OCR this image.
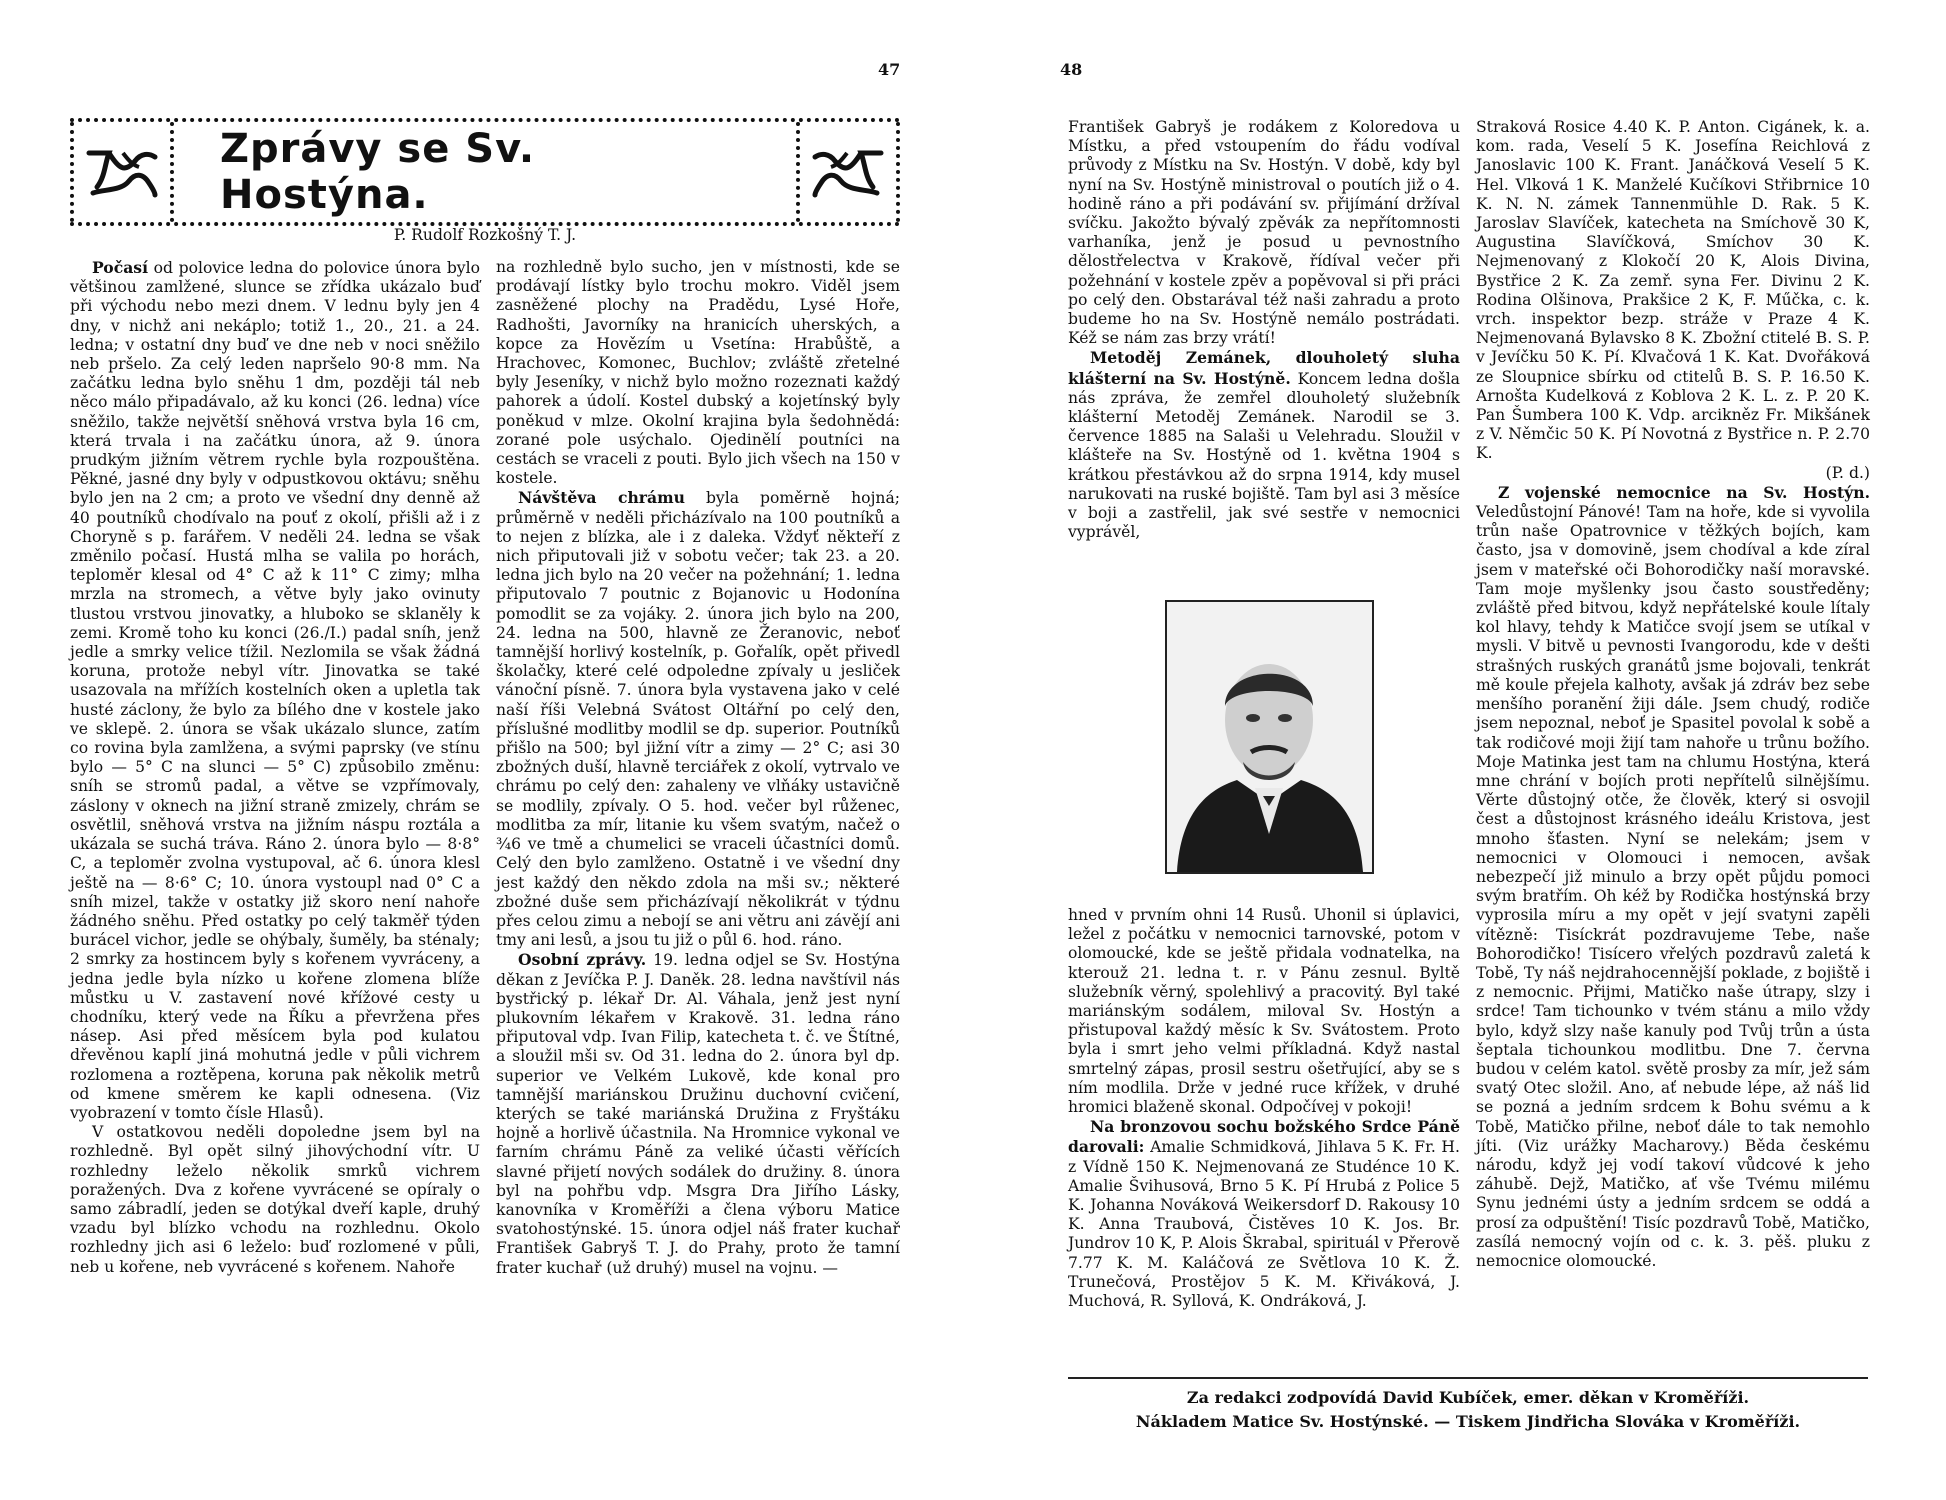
47	48
Zprávy se Sv. Hostýna.
P. Rudolf Rozkošný T. J.

Počasí od polovice ledna do polovice února bylo většinou zamlžené, slunce se zřídka ukázalo buď při východu nebo mezi dnem. V lednu byly jen 4 dny, v nichž ani nekáplo; totiž 1., 20., 21. a 24. ledna; v ostatní dny buď ve dne neb v noci sněžilo neb pršelo. Za celý leden napršelo 90·8 mm. Na začátku ledna bylo sněhu 1 dm, později tál neb něco málo připadávalo, až ku konci (26. ledna) více sněžilo, takže největší sněhová vrstva byla 16 cm, která trvala i na začátku února, až 9. února prudkým jižním větrem rychle byla rozpouštěna. Pěkné, jasné dny byly v odpustkovou oktávu; sněhu bylo jen na 2 cm; a proto ve všední dny denně až 40 poutníků chodívalo na pouť z okolí, přišli až i z Choryně s p. farářem. V neděli 24. ledna se však změnilo počasí. Hustá mlha se valila po horách, teploměr klesal od 4° C až k 11° C zimy; mlha mrzla na stromech, a větve byly jako ovinuty tlustou vrstvou jinovatky, a hluboko se sklaněly k zemi. Kromě toho ku konci (26./I.) padal sníh, jenž jedle a smrky velice tížil. Nezlomila se však žádná koruna, protože nebyl vítr. Jinovatka se také usazovala na mřížích kostelních oken a upletla tak husté záclony, že bylo za bílého dne v kostele jako ve sklepě. 2. února se však ukázalo slunce, zatím co rovina byla zamlžena, a svými paprsky (ve stínu bylo — 5° C na slunci — 5° C) způsobilo změnu: sníh se stromů padal, a větve se vzpřímovaly, záslony v oknech na jižní straně zmizely, chrám se osvětlil, sněhová vrstva na jižním náspu roztála a ukázala se suchá tráva. Ráno 2. února bylo — 8·8° C, a teploměr zvolna vystupoval, ač 6. února klesl ještě na — 8·6° C; 10. února vystoupl nad 0° C a sníh mizel, takže v ostatky již skoro není nahoře žádného sněhu. Před ostatky po celý takměř týden burácel vichor, jedle se ohýbaly, šuměly, ba sténaly; 2 smrky za hostincem byly s kořenem vyvráceny, a jedna jedle byla nízko u kořene zlomena blíže můstku u V. zastavení nové křížové cesty u chodníku, který vede na Říku a převržena přes násep. Asi před měsícem byla pod kulatou dřevěnou kaplí jiná mohutná jedle v půli vichrem rozlomena a roztěpena, koruna pak několik metrů od kmene směrem ke kapli odnesena. (Viz vyobrazení v tomto čísle Hlasů).

V ostatkovou neděli dopoledne jsem byl na rozhledně. Byl opět silný jihovýchodní vítr. U rozhledny leželo několik smrků vichrem poražených. Dva z kořene vyvrácené se opíraly o samo zábradlí, jeden se dotýkal dveří kaple, druhý vzadu byl blízko vchodu na rozhlednu. Okolo rozhledny jich asi 6 leželo: buď rozlomené v půli, neb u kořene, neb vyvrácené s kořenem. Nahoře

na rozhledně bylo sucho, jen v místnosti, kde se prodávají lístky bylo trochu mokro. Viděl jsem zasněžené plochy na Pradědu, Lysé Hoře, Radhošti, Javorníky na hranicích uherských, a kopce za Hovězím u Vsetína: Hrabůště, a Hrachovec, Komonec, Buchlov; zvláště zřetelné byly Jeseníky, v nichž bylo možno rozeznati každý pahorek a údolí. Kostel dubský a kojetínský byly poněkud v mlze. Okolní krajina byla šedohnědá: zorané pole usýchalo. Ojedinělí poutníci na cestách se vraceli z pouti. Bylo jich všech na 150 v kostele.

Návštěva chrámu byla poměrně hojná; průměrně v neděli přicházívalo na 100 poutníků a to nejen z blízka, ale i z daleka. Vždyť někteří z nich připutovali již v sobotu večer; tak 23. a 20. ledna jich bylo na 20 večer na požehnání; 1. ledna připutovalo 7 poutnic z Bojanovic u Hodonína pomodlit se za vojáky. 2. února jich bylo na 200, 24. ledna na 500, hlavně ze Žeranovic, neboť tamnější horlivý kostelník, p. Gořalík, opět přivedl školačky, které celé odpoledne zpívaly u jesliček vánoční písně. 7. února byla vystavena jako v celé naší říši Velebná Svátost Oltářní po celý den, příslušné modlitby modlil se dp. superior. Poutníků přišlo na 500; byl jižní vítr a zimy — 2° C; asi 30 zbožných duší, hlavně terciářek z okolí, vytrvalo ve chrámu po celý den: zahaleny ve vlňáky ustavičně se modlily, zpívaly. O 5. hod. večer byl růženec, modlitba za mír, litanie ku všem svatým, načež o ¾6 ve tmě a chumelici se vraceli účastníci domů. Celý den bylo zamlženo. Ostatně i ve všední dny jest každý den někdo zdola na mši sv.; některé zbožné duše sem přicházívají několikrát v týdnu přes celou zimu a nebojí se ani větru ani závějí ani tmy ani lesů, a jsou tu již o půl 6. hod. ráno.

Osobní zprávy. 19. ledna odjel se Sv. Hostýna děkan z Jevíčka P. J. Daněk. 28. ledna navštívil nás bystřický p. lékař Dr. Al. Váhala, jenž jest nyní plukovním lékařem v Krakově. 31. ledna ráno připutoval vdp. Ivan Filip, katecheta t. č. ve Štítné, a sloužil mši sv. Od 31. ledna do 2. února byl dp. superior ve Velkém Lukově, kde konal pro tamnější mariánskou Družinu duchovní cvičení, kterých se také mariánská Družina z Fryštáku hojně a horlivě účastnila. Na Hromnice vykonal ve farním chrámu Páně za veliké účasti věřících slavné přijetí nových sodálek do družiny. 8. února byl na pohřbu vdp. Msgra Dra Jiřího Lásky, kanovníka v Kroměříži a člena výboru Matice svatohostýnské. 15. února odjel náš frater kuchař František Gabryš T. J. do Prahy, proto že tamní frater kuchař (už druhý) musel na vojnu. —

František Gabryš je rodákem z Koloredova u Místku, a před vstoupením do řádu vodíval průvody z Místku na Sv. Hostýn. V době, kdy byl nyní na Sv. Hostýně ministroval o poutích již o 4. hodině ráno a při podávání sv. přijímání držíval svíčku. Jakožto bývalý zpěvák za nepřítomnosti varhaníka, jenž je posud u pevnostního dělostřelectva v Krakově, řídíval večer při požehnání v kostele zpěv a popěvoval si při práci po celý den. Obstarával též naši zahradu a proto budeme ho na Sv. Hostýně nemálo postrádati. Kéž se nám zas brzy vrátí!

Metoděj Zemánek, dlouholetý sluha klášterní na Sv. Hostýně. Koncem ledna došla nás zpráva, že zemřel dlouholetý služebník klášterní Metoděj Zemánek. Narodil se 3. července 1885 na Salaši u Velehradu. Sloužil v klášteře na Sv. Hostýně od 1. května 1904 s krátkou přestávkou až do srpna 1914, kdy musel narukovati na ruské bojiště. Tam byl asi 3 měsíce v boji a zastřelil, jak své sestře v nemocnici vyprávěl,

hned v prvním ohni 14 Rusů. Uhonil si úplavici, ležel z počátku v nemocnici tarnovské, potom v olomoucké, kde se ještě přidala vodnatelka, na kterouž 21. ledna t. r. v Pánu zesnul. Byltě služebník věrný, spolehlivý a pracovitý. Byl také mariánským sodálem, miloval Sv. Hostýn a přistupoval každý měsíc k Sv. Svátostem. Proto byla i smrt jeho velmi příkladná. Když nastal smrtelný zápas, prosil sestru ošetřující, aby se s ním modlila. Drže v jedné ruce křížek, v druhé hromici blaženě skonal. Odpočívej v pokoji!

Na bronzovou sochu božského Srdce Páně darovali: Amalie Schmidková, Jihlava 5 K. Fr. H. z Vídně 150 K. Nejmenovaná ze Studénce 10 K. Amalie Švihusová, Brno 5 K. Pí Hrubá z Police 5 K. Johanna Nováková Weikersdorf D. Rakousy 10 K. Anna Traubová, Čistěves 10 K. Jos. Br. Jundrov 10 K, P. Alois Škrabal, spirituál v Přerově 7.77 K. M. Kaláčová ze Světlova 10 K. Ž. Trunečová, Prostějov 5 K. M. Křiváková, J. Muchová, R. Syllová, K. Ondráková, J.

Straková Rosice 4.40 K. P. Anton. Cigánek, k. a. kom. rada, Veselí 5 K. Josefína Reichlová z Janoslavic 100 K. Frant. Janáčková Veselí 5 K. Hel. Vlková 1 K. Manželé Kučíkovi Střibrnice 10 K. N. N. zámek Tannenmühle D. Rak. 5 K. Jaroslav Slavíček, katecheta na Smíchově 30 K, Augustina Slavíčková, Smíchov 30 K. Nejmenovaný z Klokočí 20 K, Alois Divina, Bystřice 2 K. Za zemř. syna Fer. Divinu 2 K. Rodina Olšinova, Prakšice 2 K, F. Műčka, c. k. vrch. inspektor bezp. stráže v Praze 4 K. Nejmenovaná Bylavsko 8 K. Zbožní ctitelé B. S. P. v Jevíčku 50 K. Pí. Klvačová 1 K. Kat. Dvořáková ze Sloupnice sbírku od ctitelů B. S. P. 16.50 K. Arnošta Kudelková z Koblova 2 K. L. z. P. 20 K. Pan Šumbera 100 K. Vdp. arcikněz Fr. Mikšánek z V. Němčic 50 K. Pí Novotná z Bystřice n. P. 2.70 K.

(P. d.)

Z vojenské nemocnice na Sv. Hostýn. Veledůstojní Pánové! Tam na hoře, kde si vyvolila trůn naše Opatrovnice v těžkých bojích, kam často, jsa v domovině, jsem chodíval a kde zíral jsem v mateřské oči Bohorodičky naší moravské. Tam moje myšlenky jsou často soustředěny; zvláště před bitvou, když nepřátelské koule lítaly kol hlavy, tehdy k Matičce svojí jsem se utíkal v mysli. V bitvě u pevnosti Ivangorodu, kde v dešti strašných ruských granátů jsme bojovali, tenkrát mě koule přejela kalhoty, avšak já zdráv bez sebe menšího poranění žiji dále. Jsem chudý, rodiče jsem nepoznal, neboť je Spasitel povolal k sobě a tak rodičové moji žijí tam nahoře u trůnu božího. Moje Matinka jest tam na chlumu Hostýna, která mne chrání v bojích proti nepřítelů silnějšímu. Věrte důstojný otče, že člověk, který si osvojil čest a důstojnost krásného ideálu Kristova, jest mnoho šťasten. Nyní se nelekám; jsem v nemocnici v Olomouci i nemocen, avšak nebezpečí již minulo a brzy opět půjdu pomoci svým bratřím. Oh kéž by Rodička hostýnská brzy vyprosila míru a my opět v její svatyni zapěli vítězně: Tisíckrát pozdravujeme Tebe, naše Bohorodičko! Tisícero vřelých pozdravů zaletá k Tobě, Ty náš nejdrahocennější poklade, z bojiště i z nemocnic. Přijmi, Matičko naše útrapy, slzy i srdce! Tam tichounko v tvém stánu a milo vždy bylo, když slzy naše kanuly pod Tvůj trůn a ústa šeptala tichounkou modlitbu. Dne 7. června budou v celém katol. světě prosby za mír, jež sám svatý Otec složil. Ano, ať nebude lépe, až náš lid se pozná a jedním srdcem k Bohu svému a k Tobě, Matičko přilne, neboť dále to tak nemohlo jíti. (Viz urážky Macharovy.) Běda českému národu, když jej vodí takoví vůdcové k jeho záhubě. Dejž, Matičko, ať vše Tvému milému Synu jednémi ústy a jedním srdcem se oddá a prosí za odpuštění! Tisíc pozdravů Tobě, Matičko, zasílá nemocný vojín od c. k. 3. pěš. pluku z nemocnice olomoucké.

Za redakci zodpovídá David Kubíček, emer. děkan v Kroměříži.
Nákladem Matice Sv. Hostýnské. — Tiskem Jindřicha Slováka v Kroměříži.
